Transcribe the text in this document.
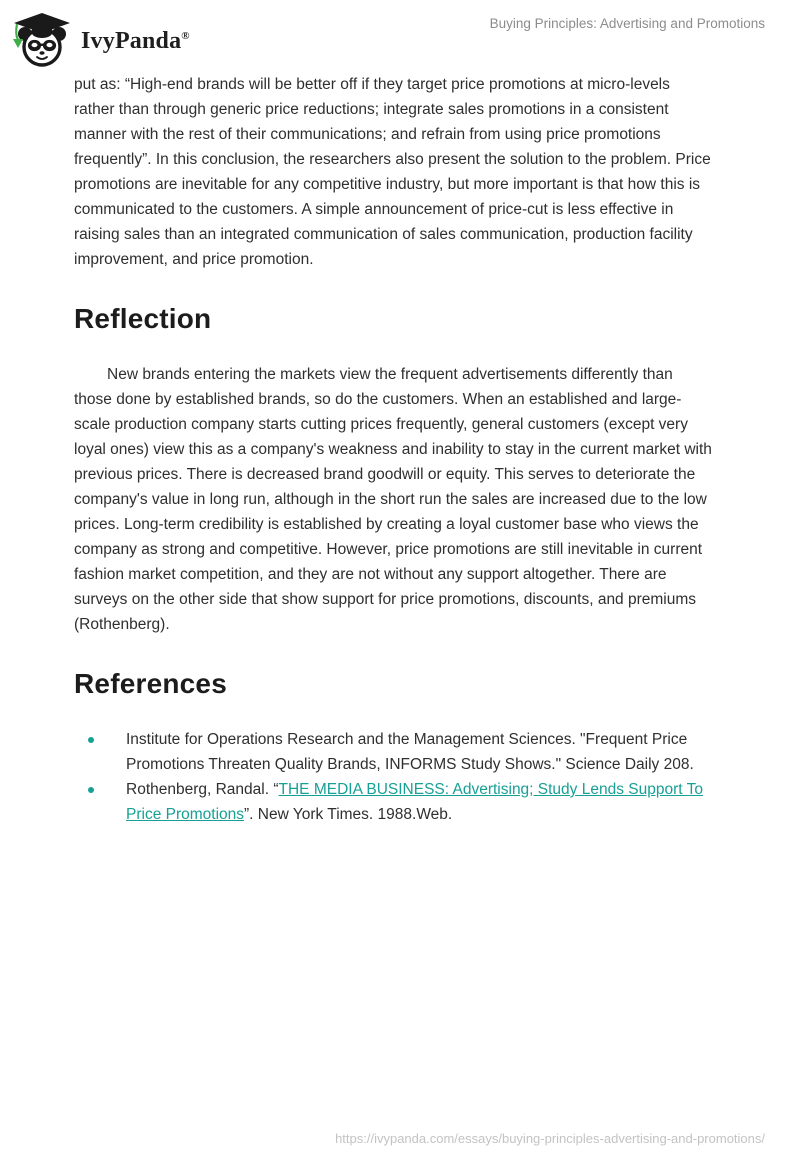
IvyPanda®
Buying Principles: Advertising and Promotions

put as: “High-end brands will be better off if they target price promotions at micro-levels rather than through generic price reductions; integrate sales promotions in a consistent manner with the rest of their communications; and refrain from using price promotions frequently”. In this conclusion, the researchers also present the solution to the problem. Price promotions are inevitable for any competitive industry, but more important is that how this is communicated to the customers. A simple announcement of price-cut is less effective in raising sales than an integrated communication of sales communication, production facility improvement, and price promotion.

Reflection

New brands entering the markets view the frequent advertisements differently than those done by established brands, so do the customers. When an established and large-scale production company starts cutting prices frequently, general customers (except very loyal ones) view this as a company's weakness and inability to stay in the current market with previous prices. There is decreased brand goodwill or equity. This serves to deteriorate the company's value in long run, although in the short run the sales are increased due to the low prices. Long-term credibility is established by creating a loyal customer base who views the company as strong and competitive. However, price promotions are still inevitable in current fashion market competition, and they are not without any support altogether. There are surveys on the other side that show support for price promotions, discounts, and premiums (Rothenberg).

References
Institute for Operations Research and the Management Sciences. "Frequent Price Promotions Threaten Quality Brands, INFORMS Study Shows." Science Daily 208.
Rothenberg, Randal. “THE MEDIA BUSINESS: Advertising; Study Lends Support To Price Promotions”. New York Times. 1988.Web.
https://ivypanda.com/essays/buying-principles-advertising-and-promotions/
